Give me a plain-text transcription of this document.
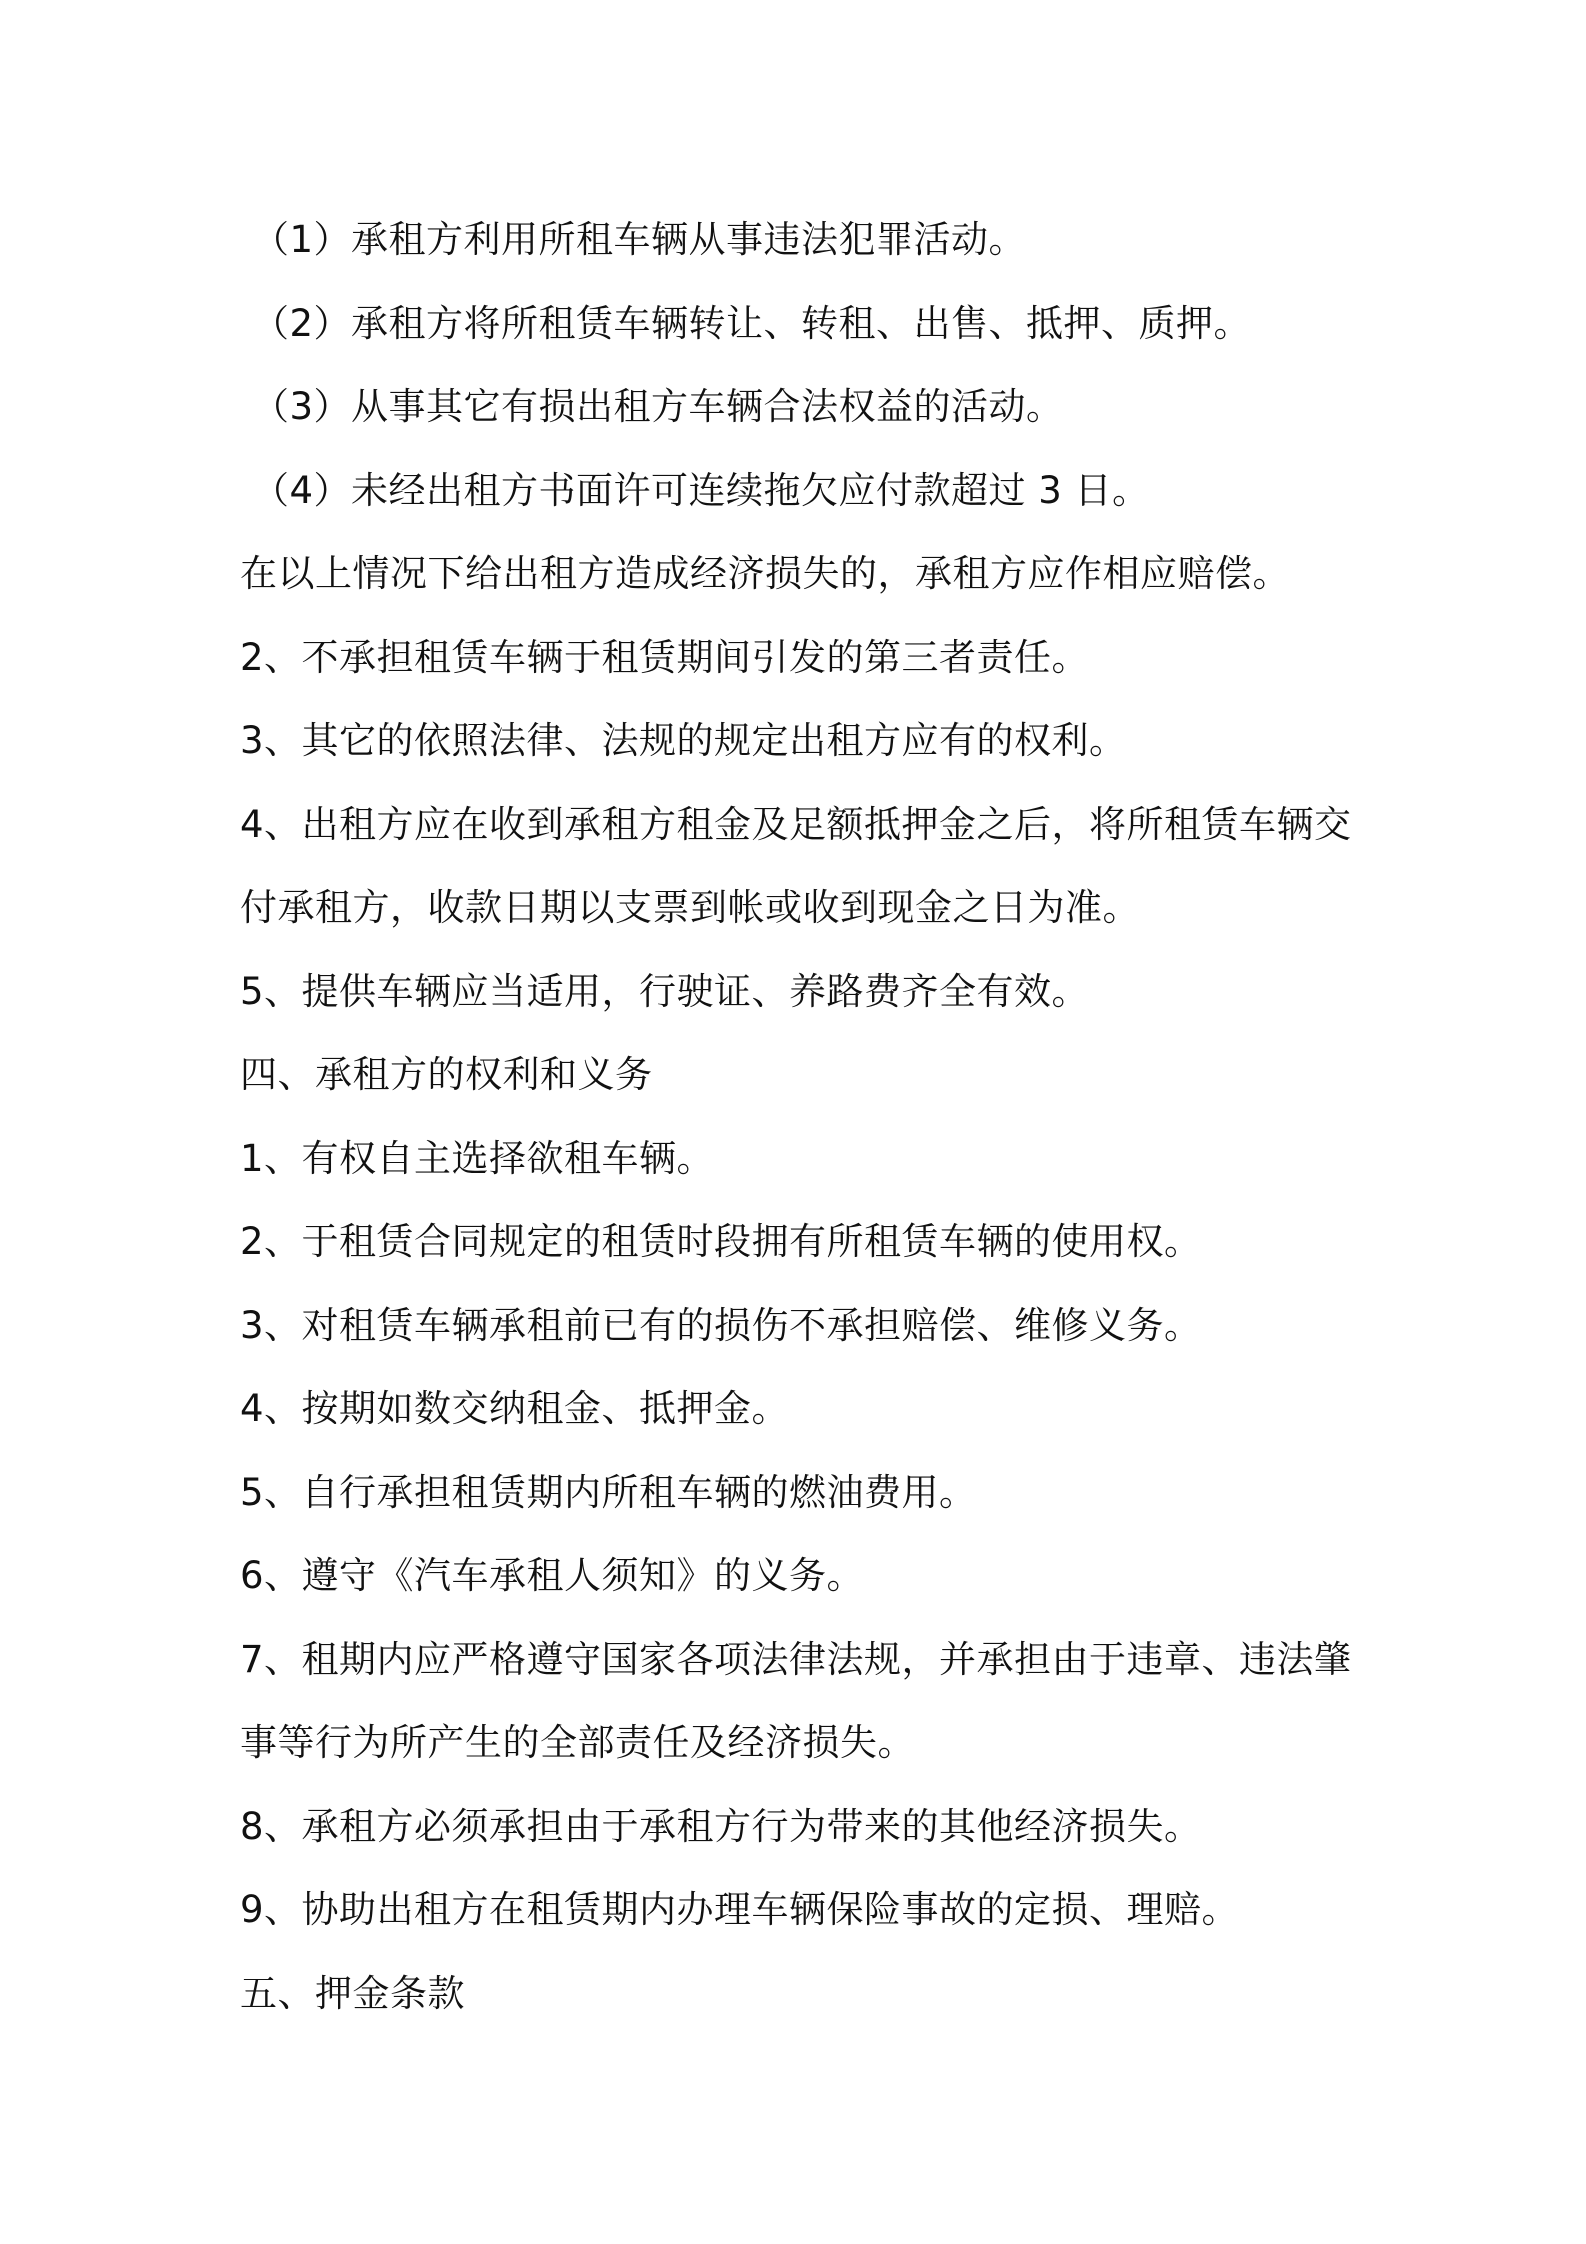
（1）承租方利用所租车辆从事违法犯罪活动。
（2）承租方将所租赁车辆转让、转租、出售、抵押、质押。
（3）从事其它有损出租方车辆合法权益的活动。
（4）未经出租方书面许可连续拖欠应付款超过 3 日。
在以上情况下给出租方造成经济损失的，承租方应作相应赔偿。
2、不承担租赁车辆于租赁期间引发的第三者责任。
3、其它的依照法律、法规的规定出租方应有的权利。
4、出租方应在收到承租方租金及足额抵押金之后，将所租赁车辆交
付承租方，收款日期以支票到帐或收到现金之日为准。
5、提供车辆应当适用，行驶证、养路费齐全有效。
四、承租方的权利和义务
1、有权自主选择欲租车辆。
2、于租赁合同规定的租赁时段拥有所租赁车辆的使用权。
3、对租赁车辆承租前已有的损伤不承担赔偿、维修义务。
4、按期如数交纳租金、抵押金。
5、自行承担租赁期内所租车辆的燃油费用。
6、遵守《汽车承租人须知》的义务。
7、租期内应严格遵守国家各项法律法规，并承担由于违章、违法肇
事等行为所产生的全部责任及经济损失。
8、承租方必须承担由于承租方行为带来的其他经济损失。
9、协助出租方在租赁期内办理车辆保险事故的定损、理赔。
五、押金条款
